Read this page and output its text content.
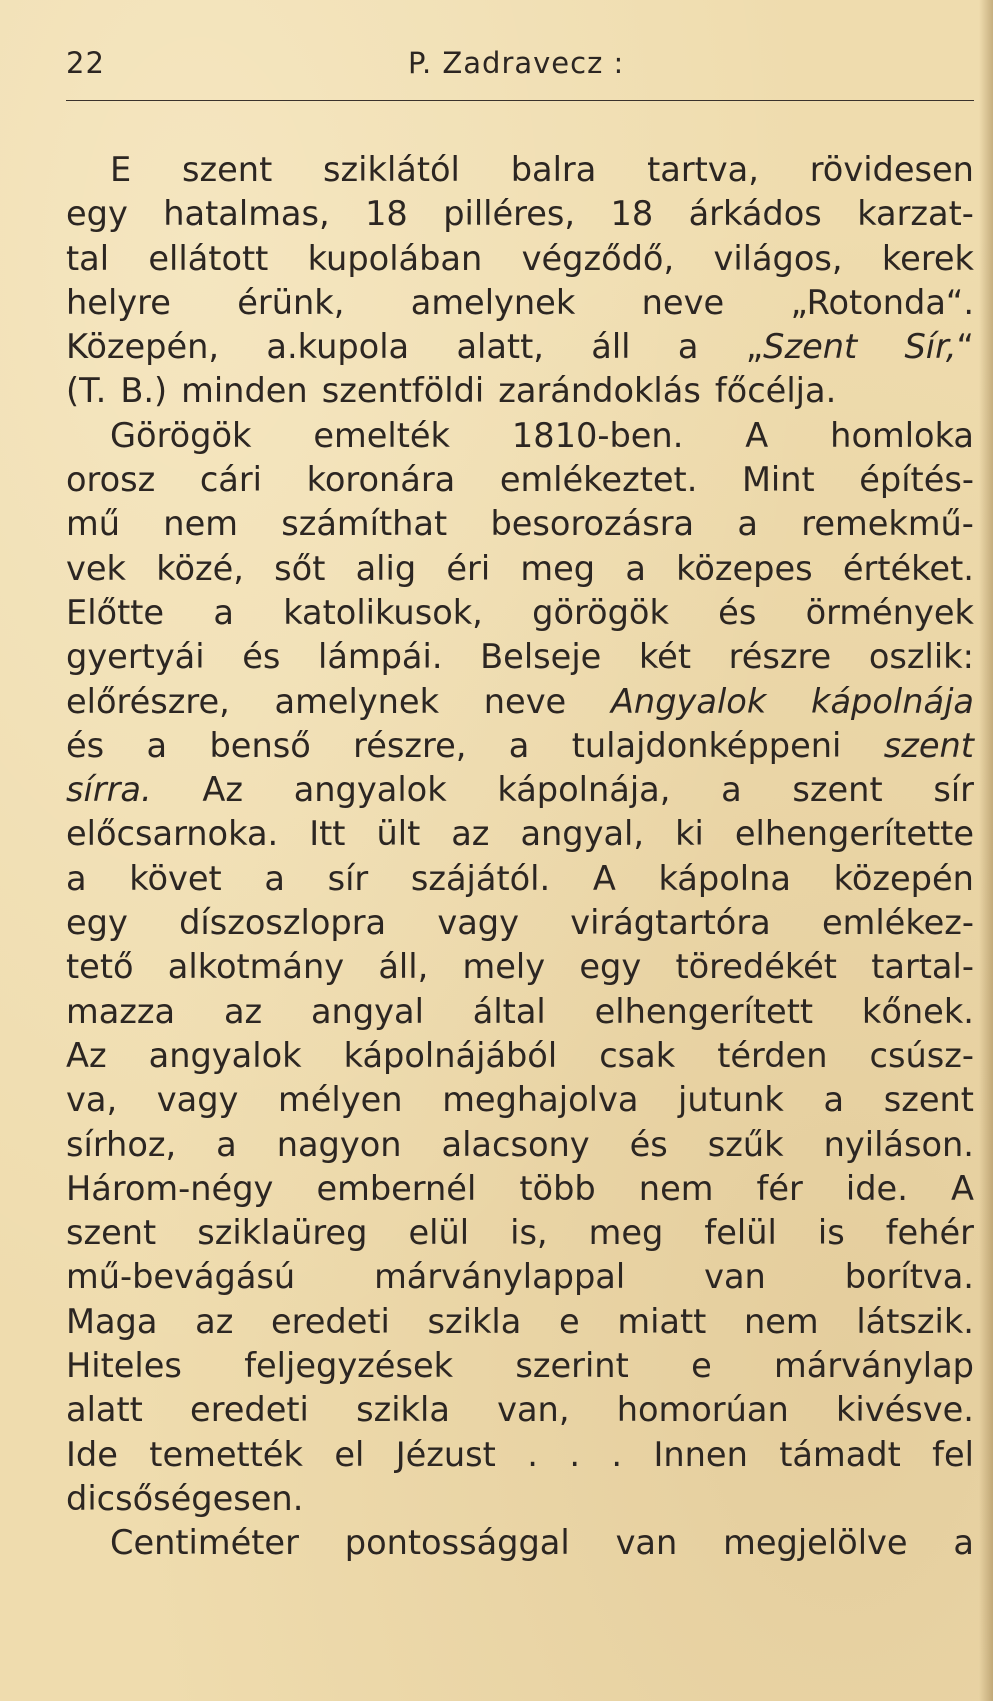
22	P. Zadravecz :
E szent sziklától balra tartva, rövidesen
egy hatalmas, 18 pilléres, 18 árkádos karzat-
tal ellátott kupolában végződő, világos, kerek
helyre érünk, amelynek neve „Rotonda“.
Közepén, a.kupola alatt, áll a „Szent Sír,“
(T. B.) minden szentföldi zarándoklás főcélja.
Görögök emelték 1810-ben. A homloka
orosz cári koronára emlékeztet. Mint építés-
mű nem számíthat besorozásra a remekmű-
vek közé, sőt alig éri meg a közepes értéket.
Előtte a katolikusok, görögök és örmények
gyertyái és lámpái. Belseje két részre oszlik:
előrészre, amelynek neve Angyalok kápolnája
és a benső részre, a tulajdonképpeni szent
sírra. Az angyalok kápolnája, a szent sír
előcsarnoka. Itt ült az angyal, ki elhengerítette
a követ a sír szájától. A kápolna közepén
egy díszoszlopra vagy virágtartóra emlékez-
tető alkotmány áll, mely egy töredékét tartal-
mazza az angyal által elhengerített kőnek.
Az angyalok kápolnájából csak térden csúsz-
va, vagy mélyen meghajolva jutunk a szent
sírhoz, a nagyon alacsony és szűk nyiláson.
Három-négy embernél több nem fér ide. A
szent sziklaüreg elül is, meg felül is fehér
mű-bevágású márványlappal van borítva.
Maga az eredeti szikla e miatt nem látszik.
Hiteles feljegyzések szerint e márványlap
alatt eredeti szikla van, homorúan kivésve.
Ide temették el Jézust . . . Innen támadt fel
dicsőségesen.
Centiméter pontossággal van megjelölve a
